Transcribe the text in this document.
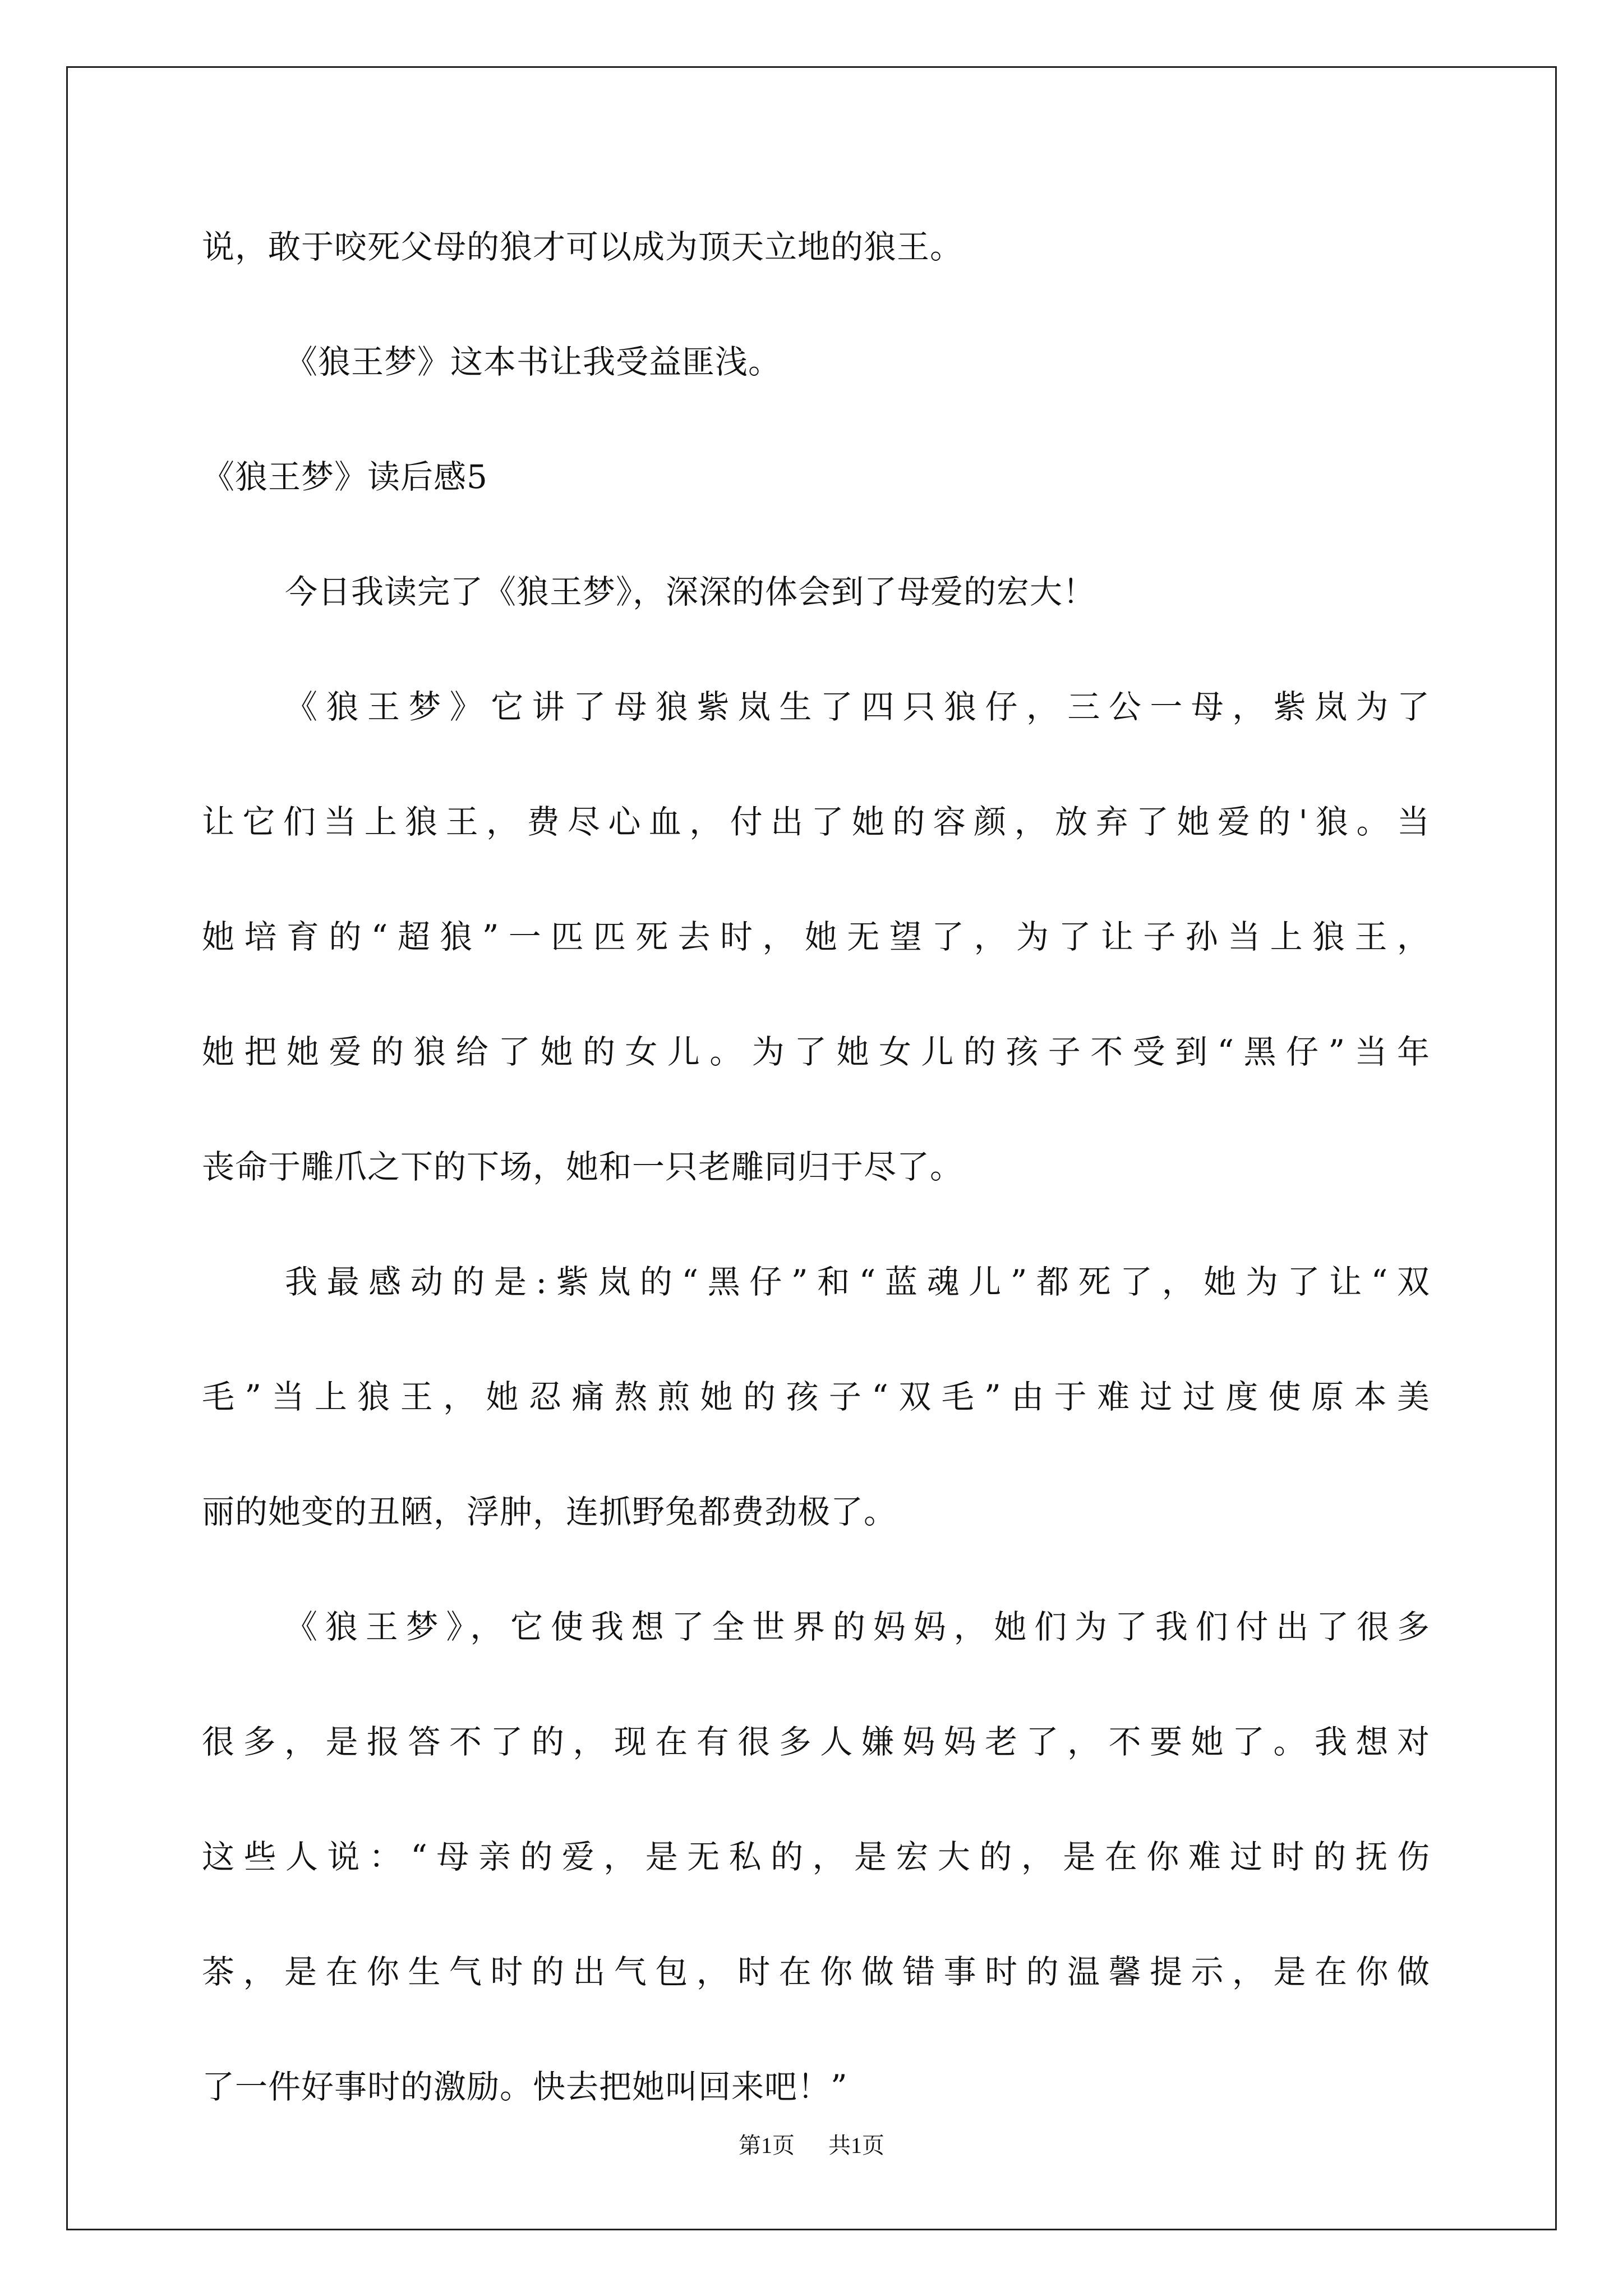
说，敢于咬死父母的狼才可以成为顶天立地的狼王。
《狼王梦》这本书让我受益匪浅。
《狼王梦》读后感5
今日我读完了《狼王梦》，深深的体会到了母爱的宏大！
《狼王梦》它讲了母狼紫岚生了四只狼仔，三公一母，紫岚为了
让它们当上狼王，费尽心血，付出了她的容颜，放弃了她爱的'狼。当
她培育的“超狼”一匹匹死去时，她无望了，为了让子孙当上狼王，
她把她爱的狼给了她的女儿。为了她女儿的孩子不受到“黑仔”当年
丧命于雕爪之下的下场，她和一只老雕同归于尽了。
我最感动的是:紫岚的“黑仔”和“蓝魂儿”都死了，她为了让“双
毛”当上狼王，她忍痛熬煎她的孩子“双毛”由于难过过度使原本美
丽的她变的丑陋，浮肿，连抓野兔都费劲极了。
《狼王梦》，它使我想了全世界的妈妈，她们为了我们付出了很多
很多，是报答不了的，现在有很多人嫌妈妈老了，不要她了。我想对
这些人说：“母亲的爱，是无私的，是宏大的，是在你难过时的抚伤
茶，是在你生气时的出气包，时在你做错事时的温馨提示，是在你做
了一件好事时的激励。快去把她叫回来吧！”
第1页 共1页
